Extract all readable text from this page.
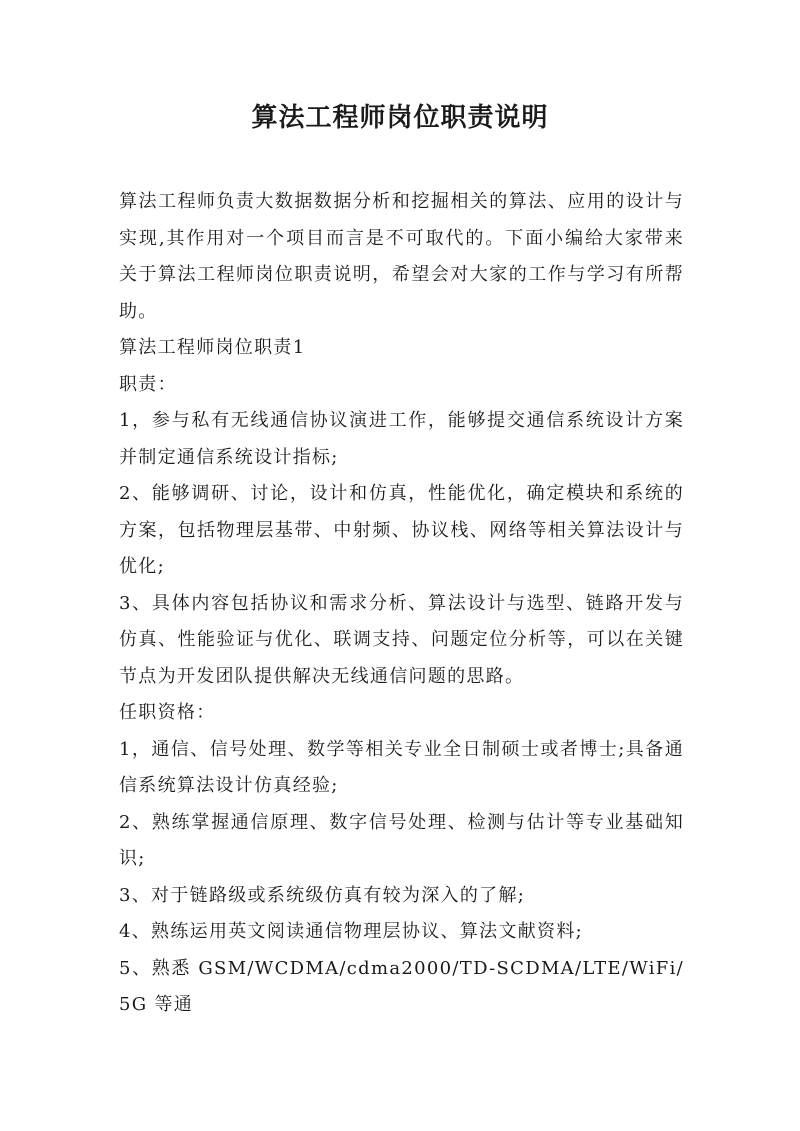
算法工程师岗位职责说明

算法工程师负责大数据数据分析和挖掘相关的算法、应用的设计与实现,其作用对一个项目而言是不可取代的。下面小编给大家带来关于算法工程师岗位职责说明，希望会对大家的工作与学习有所帮助。

算法工程师岗位职责1

职责：

1，参与私有无线通信协议演进工作，能够提交通信系统设计方案并制定通信系统设计指标;

2、能够调研、讨论，设计和仿真，性能优化，确定模块和系统的方案，包括物理层基带、中射频、协议栈、网络等相关算法设计与优化;

3、具体内容包括协议和需求分析、算法设计与选型、链路开发与仿真、性能验证与优化、联调支持、问题定位分析等，可以在关键节点为开发团队提供解决无线通信问题的思路。

任职资格：

1，通信、信号处理、数学等相关专业全日制硕士或者博士;具备通信系统算法设计仿真经验;

2、熟练掌握通信原理、数字信号处理、检测与估计等专业基础知识;

3、对于链路级或系统级仿真有较为深入的了解;

4、熟练运用英文阅读通信物理层协议、算法文献资料;

5、熟悉 GSM/WCDMA/cdma2000/TD-SCDMA/LTE/WiFi/5G 等通
